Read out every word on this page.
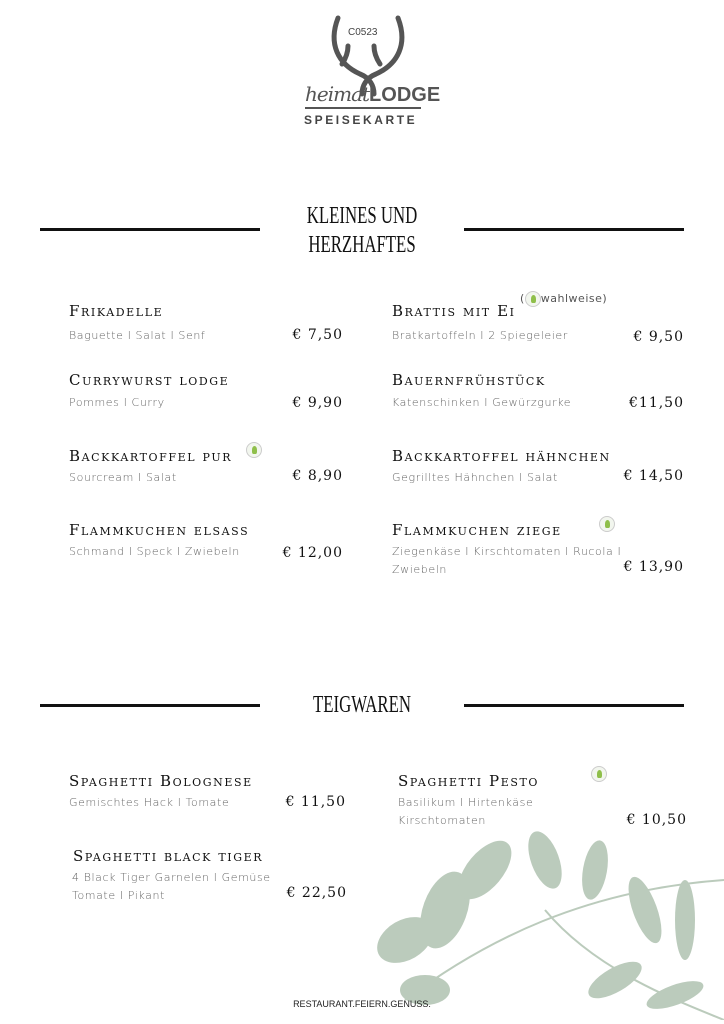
C0523
heimatLODGE
SPEISEKARTE
KLEINES UND
HERZHAFTES
Frikadelle
Baguette I Salat I Senf	€ 7,50
Brattis mit Ei
( wahlweise)
Bratkartoffeln I 2 Spiegeleier	€ 9,50
Currywurst lodge
Pommes I Curry	€ 9,90
Bauernfrühstück
Katenschinken I Gewürzgurke	€11,50
Backkartoffel pur

Sourcream I Salat	€ 8,90
Backkartoffel hähnchen
Gegrilltes Hähnchen I Salat	€ 14,50
Flammkuchen elsass
Schmand I Speck I Zwiebeln	€ 12,00
Flammkuchen ziege

Ziegenkäse I Kirschtomaten I Rucola I Zwiebeln	€ 13,90
TEIGWAREN
Spaghetti Bolognese
Gemischtes Hack I Tomate	€ 11,50
Spaghetti Pesto
Basilikum I Hirtenkäse Kirschtomaten	€ 10,50
Spaghetti black tiger
4 Black Tiger Garnelen I Gemüse Tomate I Pikant	€ 22,50
RESTAURANT.FEIERN.GENUSS.
